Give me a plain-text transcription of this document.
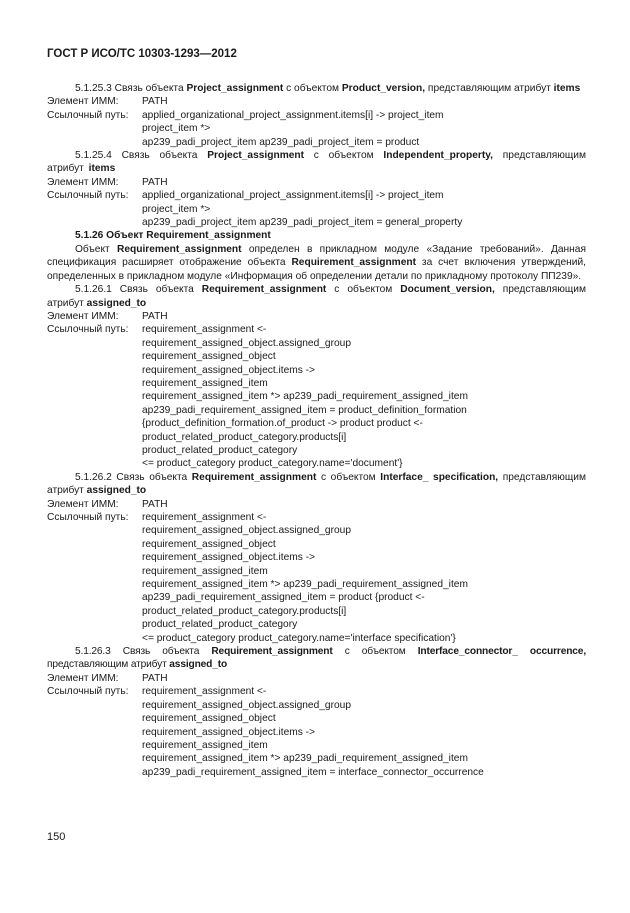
ГОСТ Р ИСО/ТС 10303-1293—2012

5.1.25.3 Связь объекта Project_assignment с объектом Product_version, представляющим атрибут items

Элемент ИММ:	PATH
Ссылочный путь:	applied_organizational_project_assignment.items[i] -> project_item
project_item *>
ap239_padi_project_item ap239_padi_project_item = product

5.1.25.4 Связь объекта Project_assignment с объектом Independent_property, представляющим атрибут items

Элемент ИММ:	PATH
Ссылочный путь:	applied_organizational_project_assignment.items[i] -> project_item
project_item *>
ap239_padi_project_item ap239_padi_project_item = general_property

5.1.26 Объект Requirement_assignment

Объект Requirement_assignment определен в прикладном модуле «Задание требований». Данная спецификация расширяет отображение объекта Requirement_assignment за счет включения утверждений, определенных в прикладном модуле «Информация об определении детали по прикладному протоколу ПП239».

5.1.26.1 Связь объекта Requirement_assignment с объектом Document_version, представляющим атрибут assigned_to

Элемент ИММ:	PATH
Ссылочный путь:	requirement_assignment <-
requirement_assigned_object.assigned_group
requirement_assigned_object
requirement_assigned_object.items ->
requirement_assigned_item
requirement_assigned_item *> ap239_padi_requirement_assigned_item
ap239_padi_requirement_assigned_item = product_definition_formation
{product_definition_formation.of_product -> product product <-
product_related_product_category.products[i]
product_related_product_category
<= product_category product_category.name='document'}

5.1.26.2 Связь объекта Requirement_assignment с объектом Interface_ specification, представляющим атрибут assigned_to

Элемент ИММ:	PATH
Ссылочный путь:	requirement_assignment <-
requirement_assigned_object.assigned_group
requirement_assigned_object
requirement_assigned_object.items ->
requirement_assigned_item
requirement_assigned_item *> ap239_padi_requirement_assigned_item
ap239_padi_requirement_assigned_item = product {product <-
product_related_product_category.products[i]
product_related_product_category
<= product_category product_category.name='interface specification'}

5.1.26.3 Связь объекта Requirement_assignment с объектом Interface_connector_ occurrence, представляющим атрибут assigned_to

Элемент ИММ:	PATH
Ссылочный путь:	requirement_assignment <-
requirement_assigned_object.assigned_group
requirement_assigned_object
requirement_assigned_object.items ->
requirement_assigned_item
requirement_assigned_item *> ap239_padi_requirement_assigned_item
ap239_padi_requirement_assigned_item = interface_connector_occurrence
150
